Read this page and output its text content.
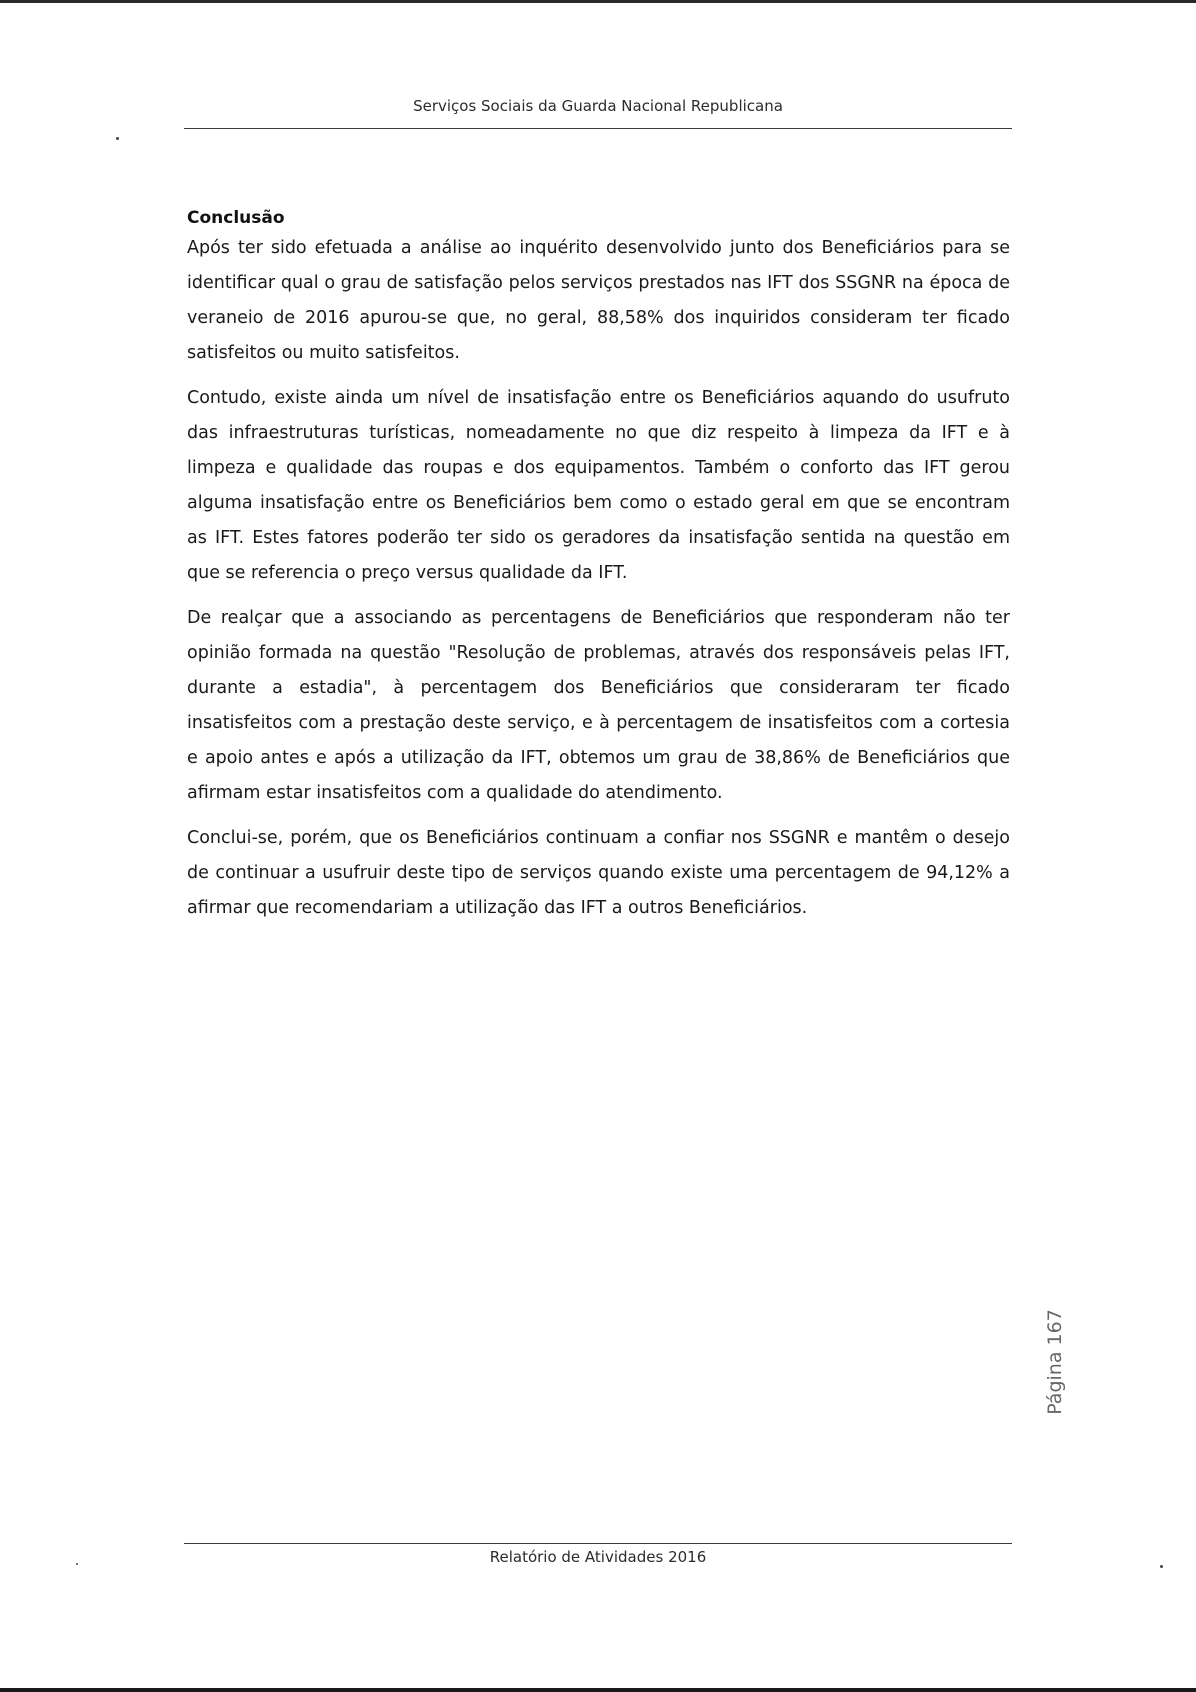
Serviços Sociais da Guarda Nacional Republicana
Conclusão

Após ter sido efetuada a análise ao inquérito desenvolvido junto dos Beneficiários para se identificar qual o grau de satisfação pelos serviços prestados nas IFT dos SSGNR na época de veraneio de 2016 apurou-se que, no geral, 88,58% dos inquiridos consideram ter ficado satisfeitos ou muito satisfeitos.

Contudo, existe ainda um nível de insatisfação entre os Beneficiários aquando do usufruto das infraestruturas turísticas, nomeadamente no que diz respeito à limpeza da IFT e à limpeza e qualidade das roupas e dos equipamentos. Também o conforto das IFT gerou alguma insatisfação entre os Beneficiários bem como o estado geral em que se encontram as IFT. Estes fatores poderão ter sido os geradores da insatisfação sentida na questão em que se referencia o preço versus qualidade da IFT.

De realçar que a associando as percentagens de Beneficiários que responderam não ter opinião formada na questão "Resolução de problemas, através dos responsáveis pelas IFT, durante a estadia", à percentagem dos Beneficiários que consideraram ter ficado insatisfeitos com a prestação deste serviço, e à percentagem de insatisfeitos com a cortesia e apoio antes e após a utilização da IFT, obtemos um grau de 38,86% de Beneficiários que afirmam estar insatisfeitos com a qualidade do atendimento.

Conclui-se, porém, que os Beneficiários continuam a confiar nos SSGNR e mantêm o desejo de continuar a usufruir deste tipo de serviços quando existe uma percentagem de 94,12% a afirmar que recomendariam a utilização das IFT a outros Beneficiários.

Página 167
Relatório de Atividades 2016
